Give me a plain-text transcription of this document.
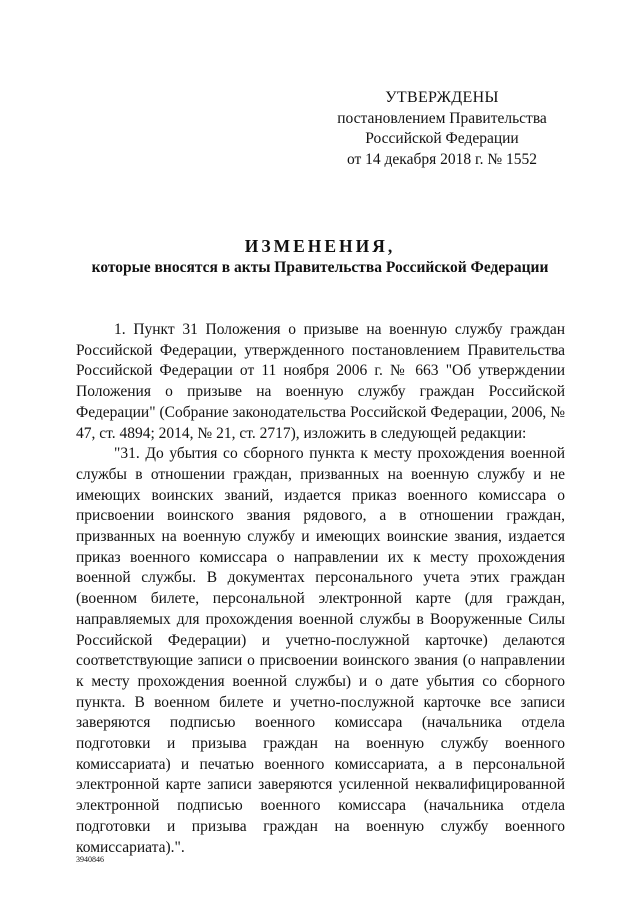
УТВЕРЖДЕНЫ
постановлением Правительства
Российской Федерации
от 14 декабря 2018 г. № 1552
ИЗМЕНЕНИЯ,
которые вносятся в акты Правительства Российской Федерации

1. Пункт 31 Положения о призыве на военную службу граждан Российской Федерации, утвержденного постановлением Правительства Российской Федерации от 11 ноября 2006 г. № 663 "Об утверждении Положения о призыве на военную службу граждан Российской Федерации" (Собрание законодательства Российской Федерации, 2006, № 47, ст. 4894; 2014, № 21, ст. 2717), изложить в следующей редакции:

"31. До убытия со сборного пункта к месту прохождения военной службы в отношении граждан, призванных на военную службу и не имеющих воинских званий, издается приказ военного комиссара о присвоении воинского звания рядового, а в отношении граждан, призванных на военную службу и имеющих воинские звания, издается приказ военного комиссара о направлении их к месту прохождения военной службы. В документах персонального учета этих граждан (военном билете, персональной электронной карте (для граждан, направляемых для прохождения военной службы в Вооруженные Силы Российской Федерации) и учетно-послужной карточке) делаются соответствующие записи о присвоении воинского звания (о направлении к месту прохождения военной службы) и о дате убытия со сборного пункта. В военном билете и учетно-послужной карточке все записи заверяются подписью военного комиссара (начальника отдела подготовки и призыва граждан на военную службу военного комиссариата) и печатью военного комиссариата, а в персональной электронной карте записи заверяются усиленной неквалифицированной электронной подписью военного комиссара (начальника отдела подготовки и призыва граждан на военную службу военного комиссариата).".

3940846
